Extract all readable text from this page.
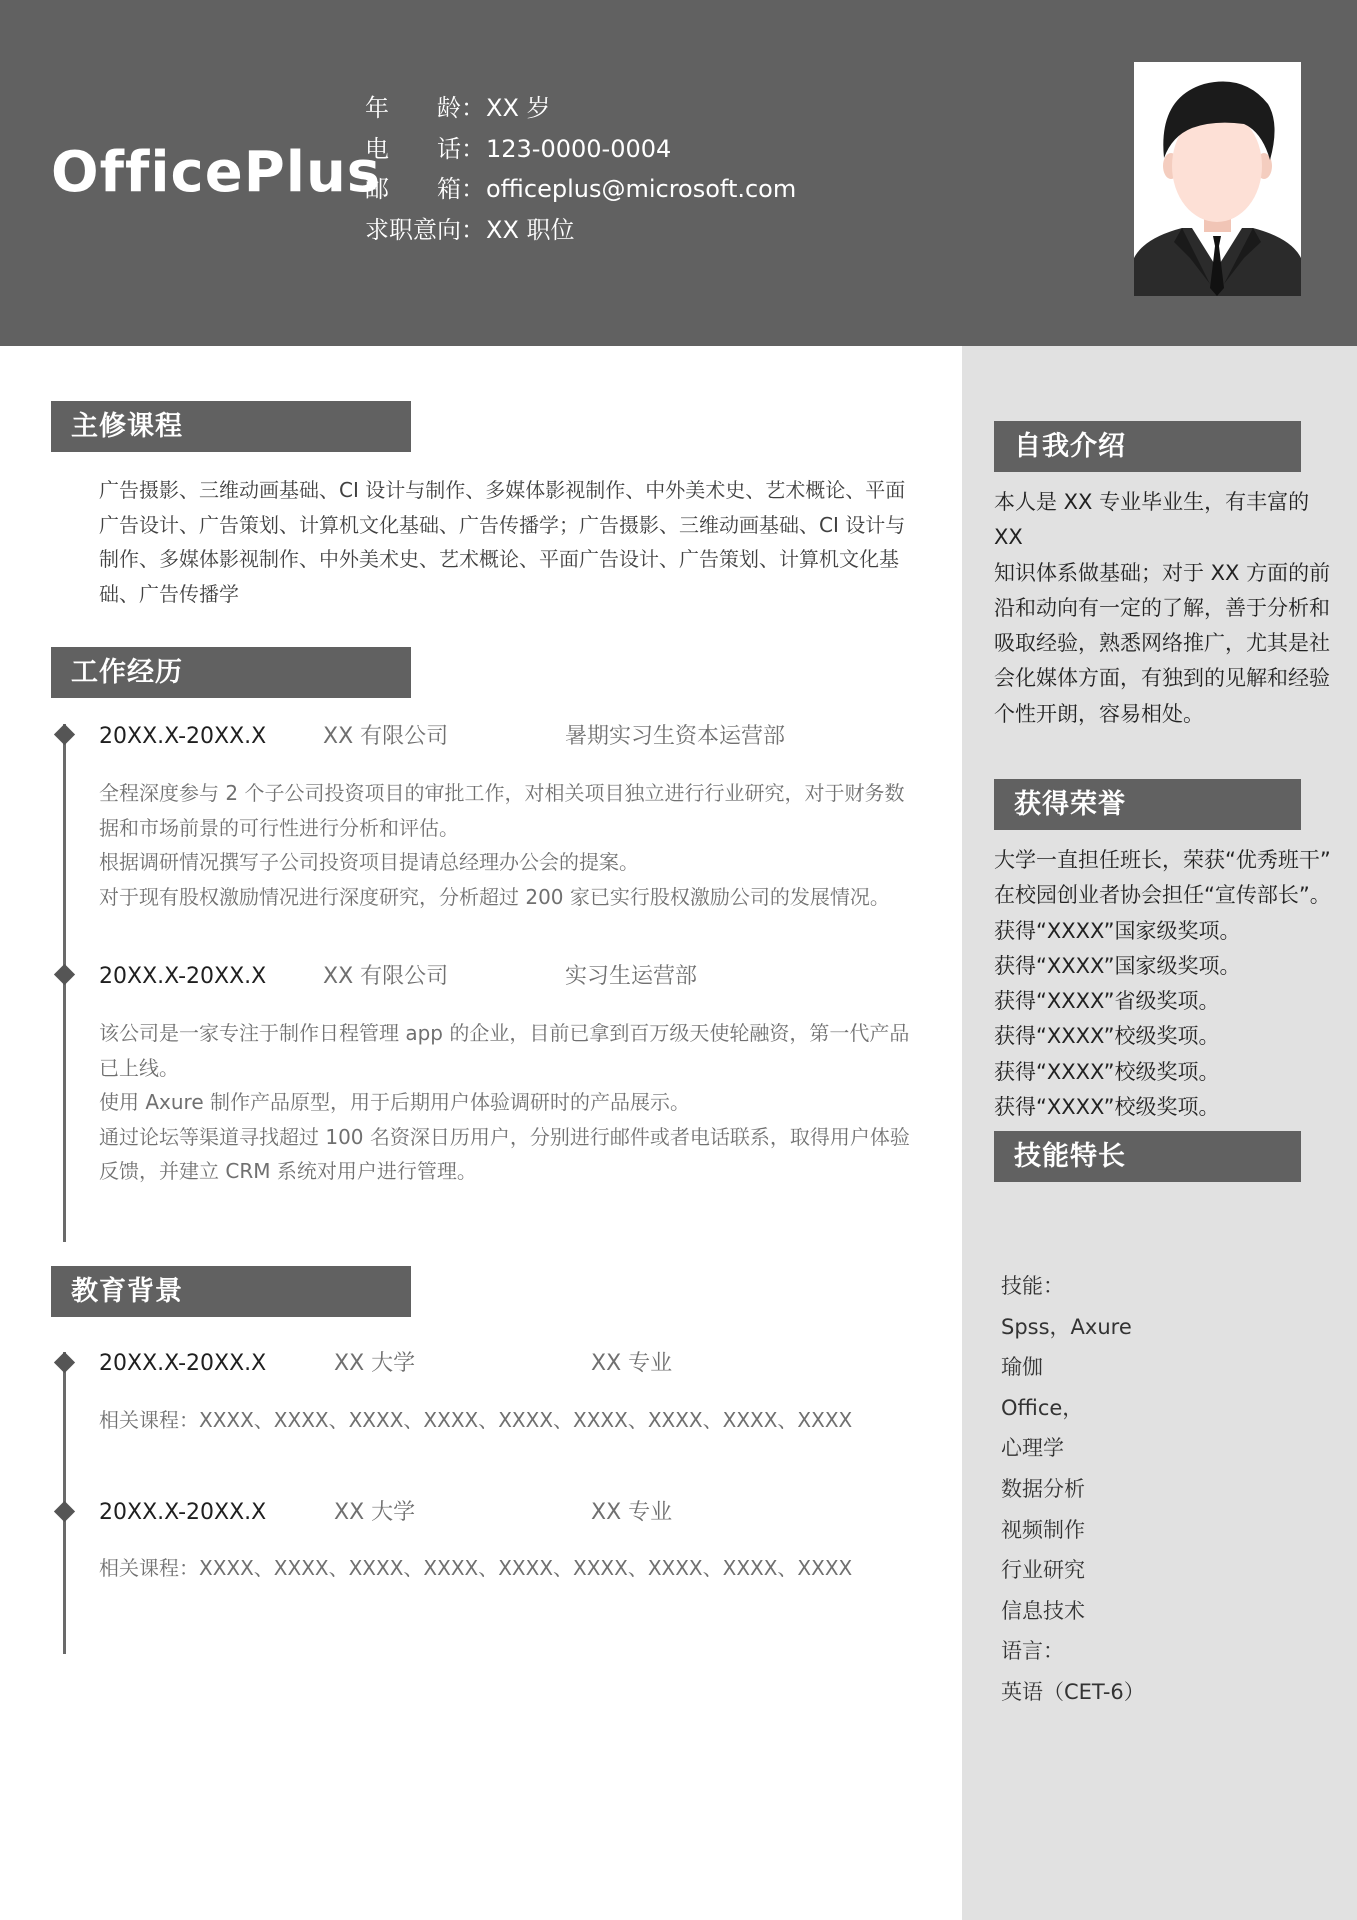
OfficePlus
年　　龄：XX 岁
电　　话：123-0000-0004
邮　　箱：officeplus@microsoft.com
求职意向：XX 职位
主修课程
广告摄影、三维动画基础、CI 设计与制作、多媒体影视制作、中外美术史、艺术概论、平面
广告设计、广告策划、计算机文化基础、广告传播学；广告摄影、三维动画基础、CI 设计与
制作、多媒体影视制作、中外美术史、艺术概论、平面广告设计、广告策划、计算机文化基
础、广告传播学
工作经历
20XX.X-20XX.X	XX 有限公司	暑期实习生资本运营部
全程深度参与 2 个子公司投资项目的审批工作，对相关项目独立进行行业研究，对于财务数
据和市场前景的可行性进行分析和评估。
根据调研情况撰写子公司投资项目提请总经理办公会的提案。
对于现有股权激励情况进行深度研究，分析超过 200 家已实行股权激励公司的发展情况。
20XX.X-20XX.X	XX 有限公司	实习生运营部
该公司是一家专注于制作日程管理 app 的企业，目前已拿到百万级天使轮融资，第一代产品
已上线。
使用 Axure 制作产品原型，用于后期用户体验调研时的产品展示。
通过论坛等渠道寻找超过 100 名资深日历用户，分别进行邮件或者电话联系，取得用户体验
反馈，并建立 CRM 系统对用户进行管理。
教育背景
20XX.X-20XX.X	XX 大学	XX 专业
相关课程：XXXX、XXXX、XXXX、XXXX、XXXX、XXXX、XXXX、XXXX、XXXX
20XX.X-20XX.X	XX 大学	XX 专业
相关课程：XXXX、XXXX、XXXX、XXXX、XXXX、XXXX、XXXX、XXXX、XXXX
自我介绍
本人是 XX 专业毕业生，有丰富的 XX
知识体系做基础；对于 XX 方面的前
沿和动向有一定的了解，善于分析和
吸取经验，熟悉网络推广，尤其是社
会化媒体方面，有独到的见解和经验
个性开朗，容易相处。
获得荣誉
大学一直担任班长，荣获“优秀班干”
在校园创业者协会担任“宣传部长”。
获得“XXXX”国家级奖项。
获得“XXXX”国家级奖项。
获得“XXXX”省级奖项。
获得“XXXX”校级奖项。
获得“XXXX”校级奖项。
获得“XXXX”校级奖项。
技能特长
技能：
Spss，Axure
瑜伽
Office，
心理学
数据分析
视频制作
行业研究
信息技术
语言：
英语（CET-6）
